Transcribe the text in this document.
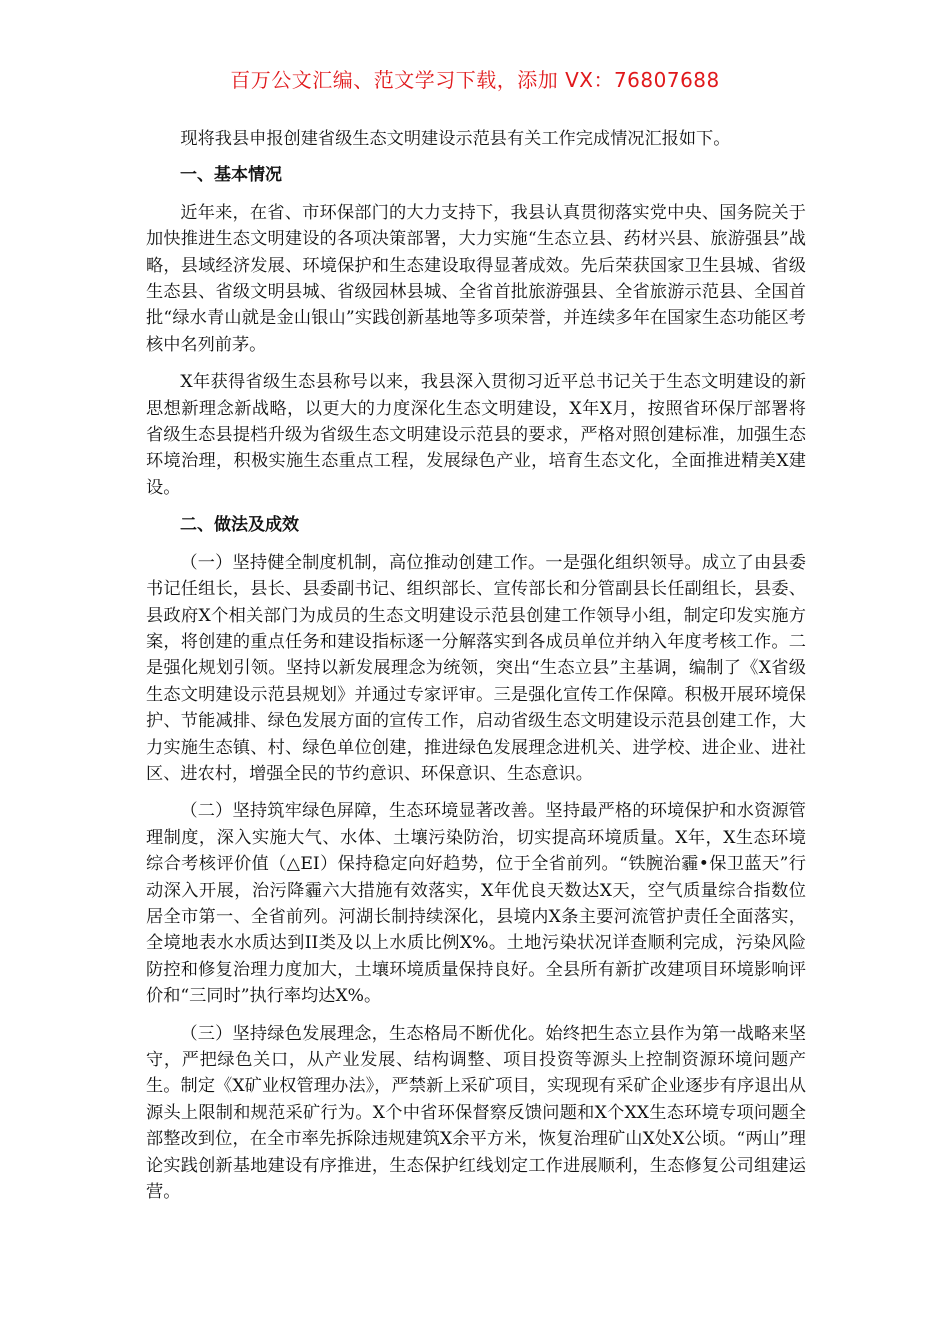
百万公文汇编、范文学习下载，添加 VX：76807688

现将我县申报创建省级生态文明建设示范县有关工作完成情况汇报如下。

一、基本情况

近年来，在省、市环保部门的大力支持下，我县认真贯彻落实党中央、国务院关于加快推进生态文明建设的各项决策部署，大力实施“生态立县、药材兴县、旅游强县”战略，县域经济发展、环境保护和生态建设取得显著成效。先后荣获国家卫生县城、省级生态县、省级文明县城、省级园林县城、全省首批旅游强县、全省旅游示范县、全国首批“绿水青山就是金山银山”实践创新基地等多项荣誉，并连续多年在国家生态功能区考核中名列前茅。

X年获得省级生态县称号以来，我县深入贯彻习近平总书记关于生态文明建设的新思想新理念新战略，以更大的力度深化生态文明建设，X年X月，按照省环保厅部署将省级生态县提档升级为省级生态文明建设示范县的要求，严格对照创建标准，加强生态环境治理，积极实施生态重点工程，发展绿色产业，培育生态文化，全面推进精美X建设。

二、做法及成效

（一）坚持健全制度机制，高位推动创建工作。一是强化组织领导。成立了由县委书记任组长，县长、县委副书记、组织部长、宣传部长和分管副县长任副组长，县委、县政府X个相关部门为成员的生态文明建设示范县创建工作领导小组，制定印发实施方案，将创建的重点任务和建设指标逐一分解落实到各成员单位并纳入年度考核工作。二是强化规划引领。坚持以新发展理念为统领，突出“生态立县”主基调，编制了《X省级生态文明建设示范县规划》并通过专家评审。三是强化宣传工作保障。积极开展环境保护、节能减排、绿色发展方面的宣传工作，启动省级生态文明建设示范县创建工作，大力实施生态镇、村、绿色单位创建，推进绿色发展理念进机关、进学校、进企业、进社区、进农村，增强全民的节约意识、环保意识、生态意识。

（二）坚持筑牢绿色屏障，生态环境显著改善。坚持最严格的环境保护和水资源管理制度，深入实施大气、水体、土壤污染防治，切实提高环境质量。X年，X生态环境综合考核评价值（△EI）保持稳定向好趋势，位于全省前列。“铁腕治霾•保卫蓝天”行动深入开展，治污降霾六大措施有效落实，X年优良天数达X天，空气质量综合指数位居全市第一、全省前列。河湖长制持续深化，县境内X条主要河流管护责任全面落实，全境地表水水质达到II类及以上水质比例X%。土地污染状况详查顺利完成，污染风险防控和修复治理力度加大，土壤环境质量保持良好。全县所有新扩改建项目环境影响评价和“三同时”执行率均达X%。

（三）坚持绿色发展理念，生态格局不断优化。始终把生态立县作为第一战略来坚守，严把绿色关口，从产业发展、结构调整、项目投资等源头上控制资源环境问题产生。制定《X矿业权管理办法》，严禁新上采矿项目，实现现有采矿企业逐步有序退出从源头上限制和规范采矿行为。X个中省环保督察反馈问题和X个XX生态环境专项问题全部整改到位，在全市率先拆除违规建筑X余平方米，恢复治理矿山X处X公顷。“两山”理论实践创新基地建设有序推进，生态保护红线划定工作进展顺利，生态修复公司组建运营。
